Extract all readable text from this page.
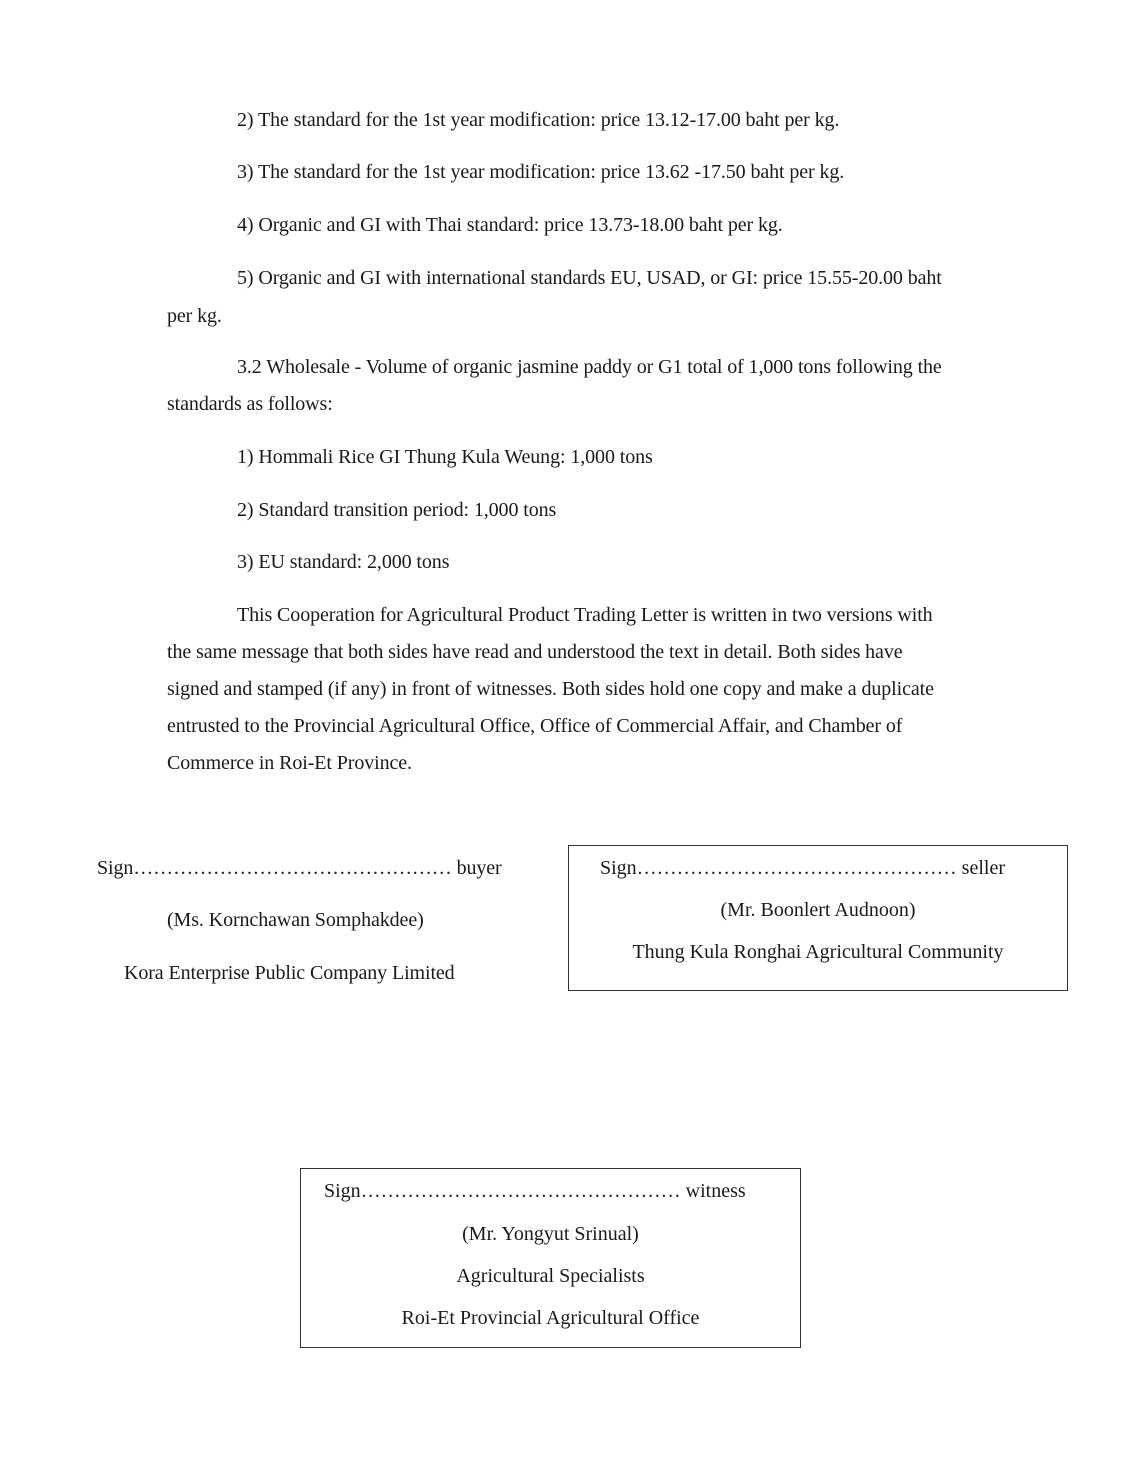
2) The standard for the 1st year modification: price 13.12-17.00 baht per kg.
3) The standard for the 1st year modification: price 13.62 -17.50 baht per kg.
4) Organic and GI with Thai standard: price 13.73-18.00 baht per kg.
5) Organic and GI with international standards EU, USAD, or GI: price 15.55-20.00 baht
per kg.
3.2 Wholesale - Volume of organic jasmine paddy or G1 total of 1,000 tons following the
standards as follows:
1) Hommali Rice GI Thung Kula Weung: 1,000 tons
2) Standard transition period: 1,000 tons
3) EU standard: 2,000 tons
This Cooperation for Agricultural Product Trading Letter is written in two versions with
the same message that both sides have read and understood the text in detail. Both sides have
signed and stamped (if any) in front of witnesses. Both sides hold one copy and make a duplicate
entrusted to the Provincial Agricultural Office, Office of Commercial Affair, and Chamber of
Commerce in Roi-Et Province.
Sign………………………………………… buyer
(Ms. Kornchawan Somphakdee)
Kora Enterprise Public Company Limited
Sign………………………………………… seller
(Mr. Boonlert Audnoon)
Thung Kula Ronghai Agricultural Community
Sign………………………………………… witness
(Mr. Yongyut Srinual)
Agricultural Specialists
Roi-Et Provincial Agricultural Office
